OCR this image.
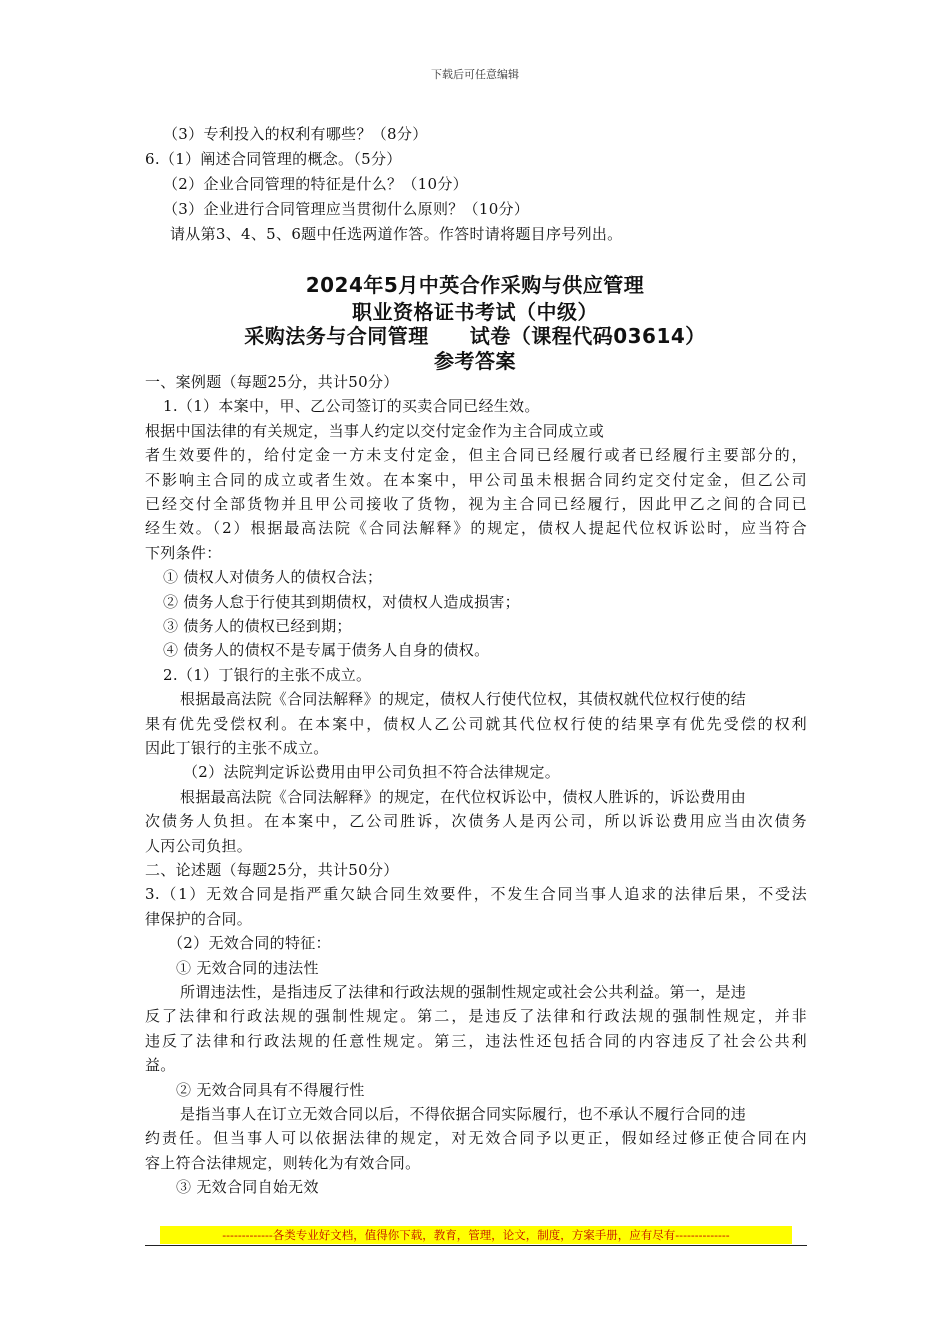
下载后可任意编辑
（3）专利投入的权利有哪些？（8分）
6.（1）阐述合同管理的概念。（5分）
（2）企业合同管理的特征是什么？（10分）
（3）企业进行合同管理应当贯彻什么原则？（10分）
请从第3、4、5、6题中任选两道作答。作答时请将题目序号列出。
2024年5月中英合作采购与供应管理
职业资格证书考试（中级）
采购法务与合同管理　　试卷（课程代码03614）
参考答案
一、案例题（每题25分，共计50分）
1.（1）本案中，甲、乙公司签订的买卖合同已经生效。
根据中国法律的有关规定，当事人约定以交付定金作为主合同成立或
者生效要件的，给付定金一方未支付定金，但主合同已经履行或者已经履行主要部分的，
不影响主合同的成立或者生效。在本案中，甲公司虽未根据合同约定交付定金，但乙公司
已经交付全部货物并且甲公司接收了货物，视为主合同已经履行，因此甲乙之间的合同已
经生效。（2）根据最高法院《合同法解释》的规定，债权人提起代位权诉讼时，应当符合
下列条件：
① 债权人对债务人的债权合法；
② 债务人怠于行使其到期债权，对债权人造成损害；
③ 债务人的债权已经到期；
④ 债务人的债权不是专属于债务人自身的债权。
2.（1）丁银行的主张不成立。
根据最高法院《合同法解释》的规定，债权人行使代位权，其债权就代位权行使的结
果有优先受偿权利。在本案中，债权人乙公司就其代位权行使的结果享有优先受偿的权利
因此丁银行的主张不成立。
（2）法院判定诉讼费用由甲公司负担不符合法律规定。
根据最高法院《合同法解释》的规定，在代位权诉讼中，债权人胜诉的，诉讼费用由
次债务人负担。在本案中，乙公司胜诉，次债务人是丙公司，所以诉讼费用应当由次债务
人丙公司负担。
二、论述题（每题25分，共计50分）
3.（1）无效合同是指严重欠缺合同生效要件，不发生合同当事人追求的法律后果，不受法
律保护的合同。
（2）无效合同的特征：
① 无效合同的违法性
所谓违法性，是指违反了法律和行政法规的强制性规定或社会公共利益。第一，是违
反了法律和行政法规的强制性规定。第二，是违反了法律和行政法规的强制性规定，并非
违反了法律和行政法规的任意性规定。第三，违法性还包括合同的内容违反了社会公共利
益。
② 无效合同具有不得履行性
是指当事人在订立无效合同以后，不得依据合同实际履行，也不承认不履行合同的违
约责任。但当事人可以依据法律的规定，对无效合同予以更正，假如经过修正使合同在内
容上符合法律规定，则转化为有效合同。
③ 无效合同自始无效
-------------各类专业好文档，值得你下载，教育，管理，论文，制度，方案手册，应有尽有--------------
